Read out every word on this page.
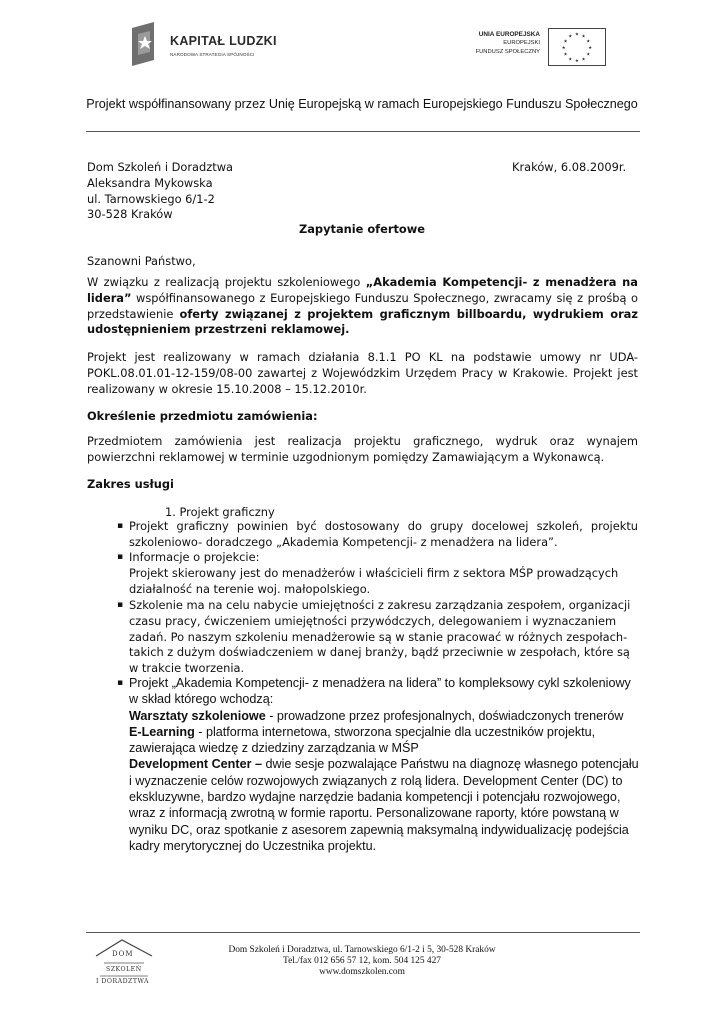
KAPITAŁ LUDZKI
NARODOWA STRATEGIA SPÓJNOŚCI
UNIA EUROPEJSKA
EUROPEJSKI
FUNDUSZ SPOŁECZNY
★ ★
★
★
★
★
★
★
★
★
★
★
Projekt współfinansowany przez Unię Europejską w ramach Europejskiego Funduszu Społecznego
Dom Szkoleń i Doradztwa
Aleksandra Mykowska
ul. Tarnowskiego 6/1-2
30-528 Kraków
Kraków, 6.08.2009r.
Zapytanie ofertowe
Szanowni Państwo,

W związku z realizacją projektu szkoleniowego „Akademia Kompetencji- z menadżera na lidera” współfinansowanego z Europejskiego Funduszu Społecznego, zwracamy się z prośbą o przedstawienie oferty związanej z projektem graficznym billboardu, wydrukiem oraz udostępnieniem przestrzeni reklamowej.

Projekt jest realizowany w ramach działania 8.1.1 PO KL na podstawie umowy nr UDA-POKL.08.01.01-12-159/08-00 zawartej z Wojewódzkim Urzędem Pracy w Krakowie. Projekt jest realizowany w okresie 15.10.2008 – 15.12.2010r.

Określenie przedmiotu zamówienia:

Przedmiotem zamówienia jest realizacja projektu graficznego, wydruk oraz wynajem powierzchni reklamowej w terminie uzgodnionym pomiędzy Zamawiającym a Wykonawcą.

Zakres usługi
1. Projekt graficzny
▪ Projekt graficzny powinien być dostosowany do grupy docelowej szkoleń, projektu szkoleniowo- doradczego „Akademia Kompetencji- z menadżera na lidera”.

▪ Informacje o projekcie:
Projekt skierowany jest do menadżerów i właścicieli firm z sektora MŚP prowadzących działalność na terenie woj. małopolskiego.
▪ Szkolenie ma na celu nabycie umiejętności z zakresu zarządzania zespołem, organizacji czasu pracy, ćwiczeniem umiejętności przywódczych, delegowaniem i wyznaczaniem zadań. Po naszym szkoleniu menadżerowie są w stanie pracować w różnych zespołach- takich z dużym doświadczeniem w danej branży, bądź przeciwnie w zespołach, które są w trakcie tworzenia.

▪ Projekt „Akademia Kompetencji- z menadżera na lidera” to kompleksowy cykl szkoleniowy w skład którego wchodzą:
Warsztaty szkoleniowe - prowadzone przez profesjonalnych, doświadczonych trenerów
E-Learning - platforma internetowa, stworzona specjalnie dla uczestników projektu, zawierająca wiedzę z dziedziny zarządzania w MŚP
Development Center – dwie sesje pozwalające Państwu na diagnozę własnego potencjału i wyznaczenie celów rozwojowych związanych z rolą lidera. Development Center (DC) to ekskluzywne, bardzo wydajne narzędzie badania kompetencji i potencjału rozwojowego, wraz z informacją zwrotną w formie raportu. Personalizowane raporty, które powstaną w wyniku DC, oraz spotkanie z asesorem zapewnią maksymalną indywidualizację podejścia kadry merytorycznej do Uczestnika projektu.
DOM
SZKOLEŃ
I DORADZTWA
Dom Szkoleń i Doradztwa, ul. Tarnowskiego 6/1-2 i 5, 30-528 Kraków
Tel./fax 012 656 57 12, kom. 504 125 427
www.domszkolen.com
